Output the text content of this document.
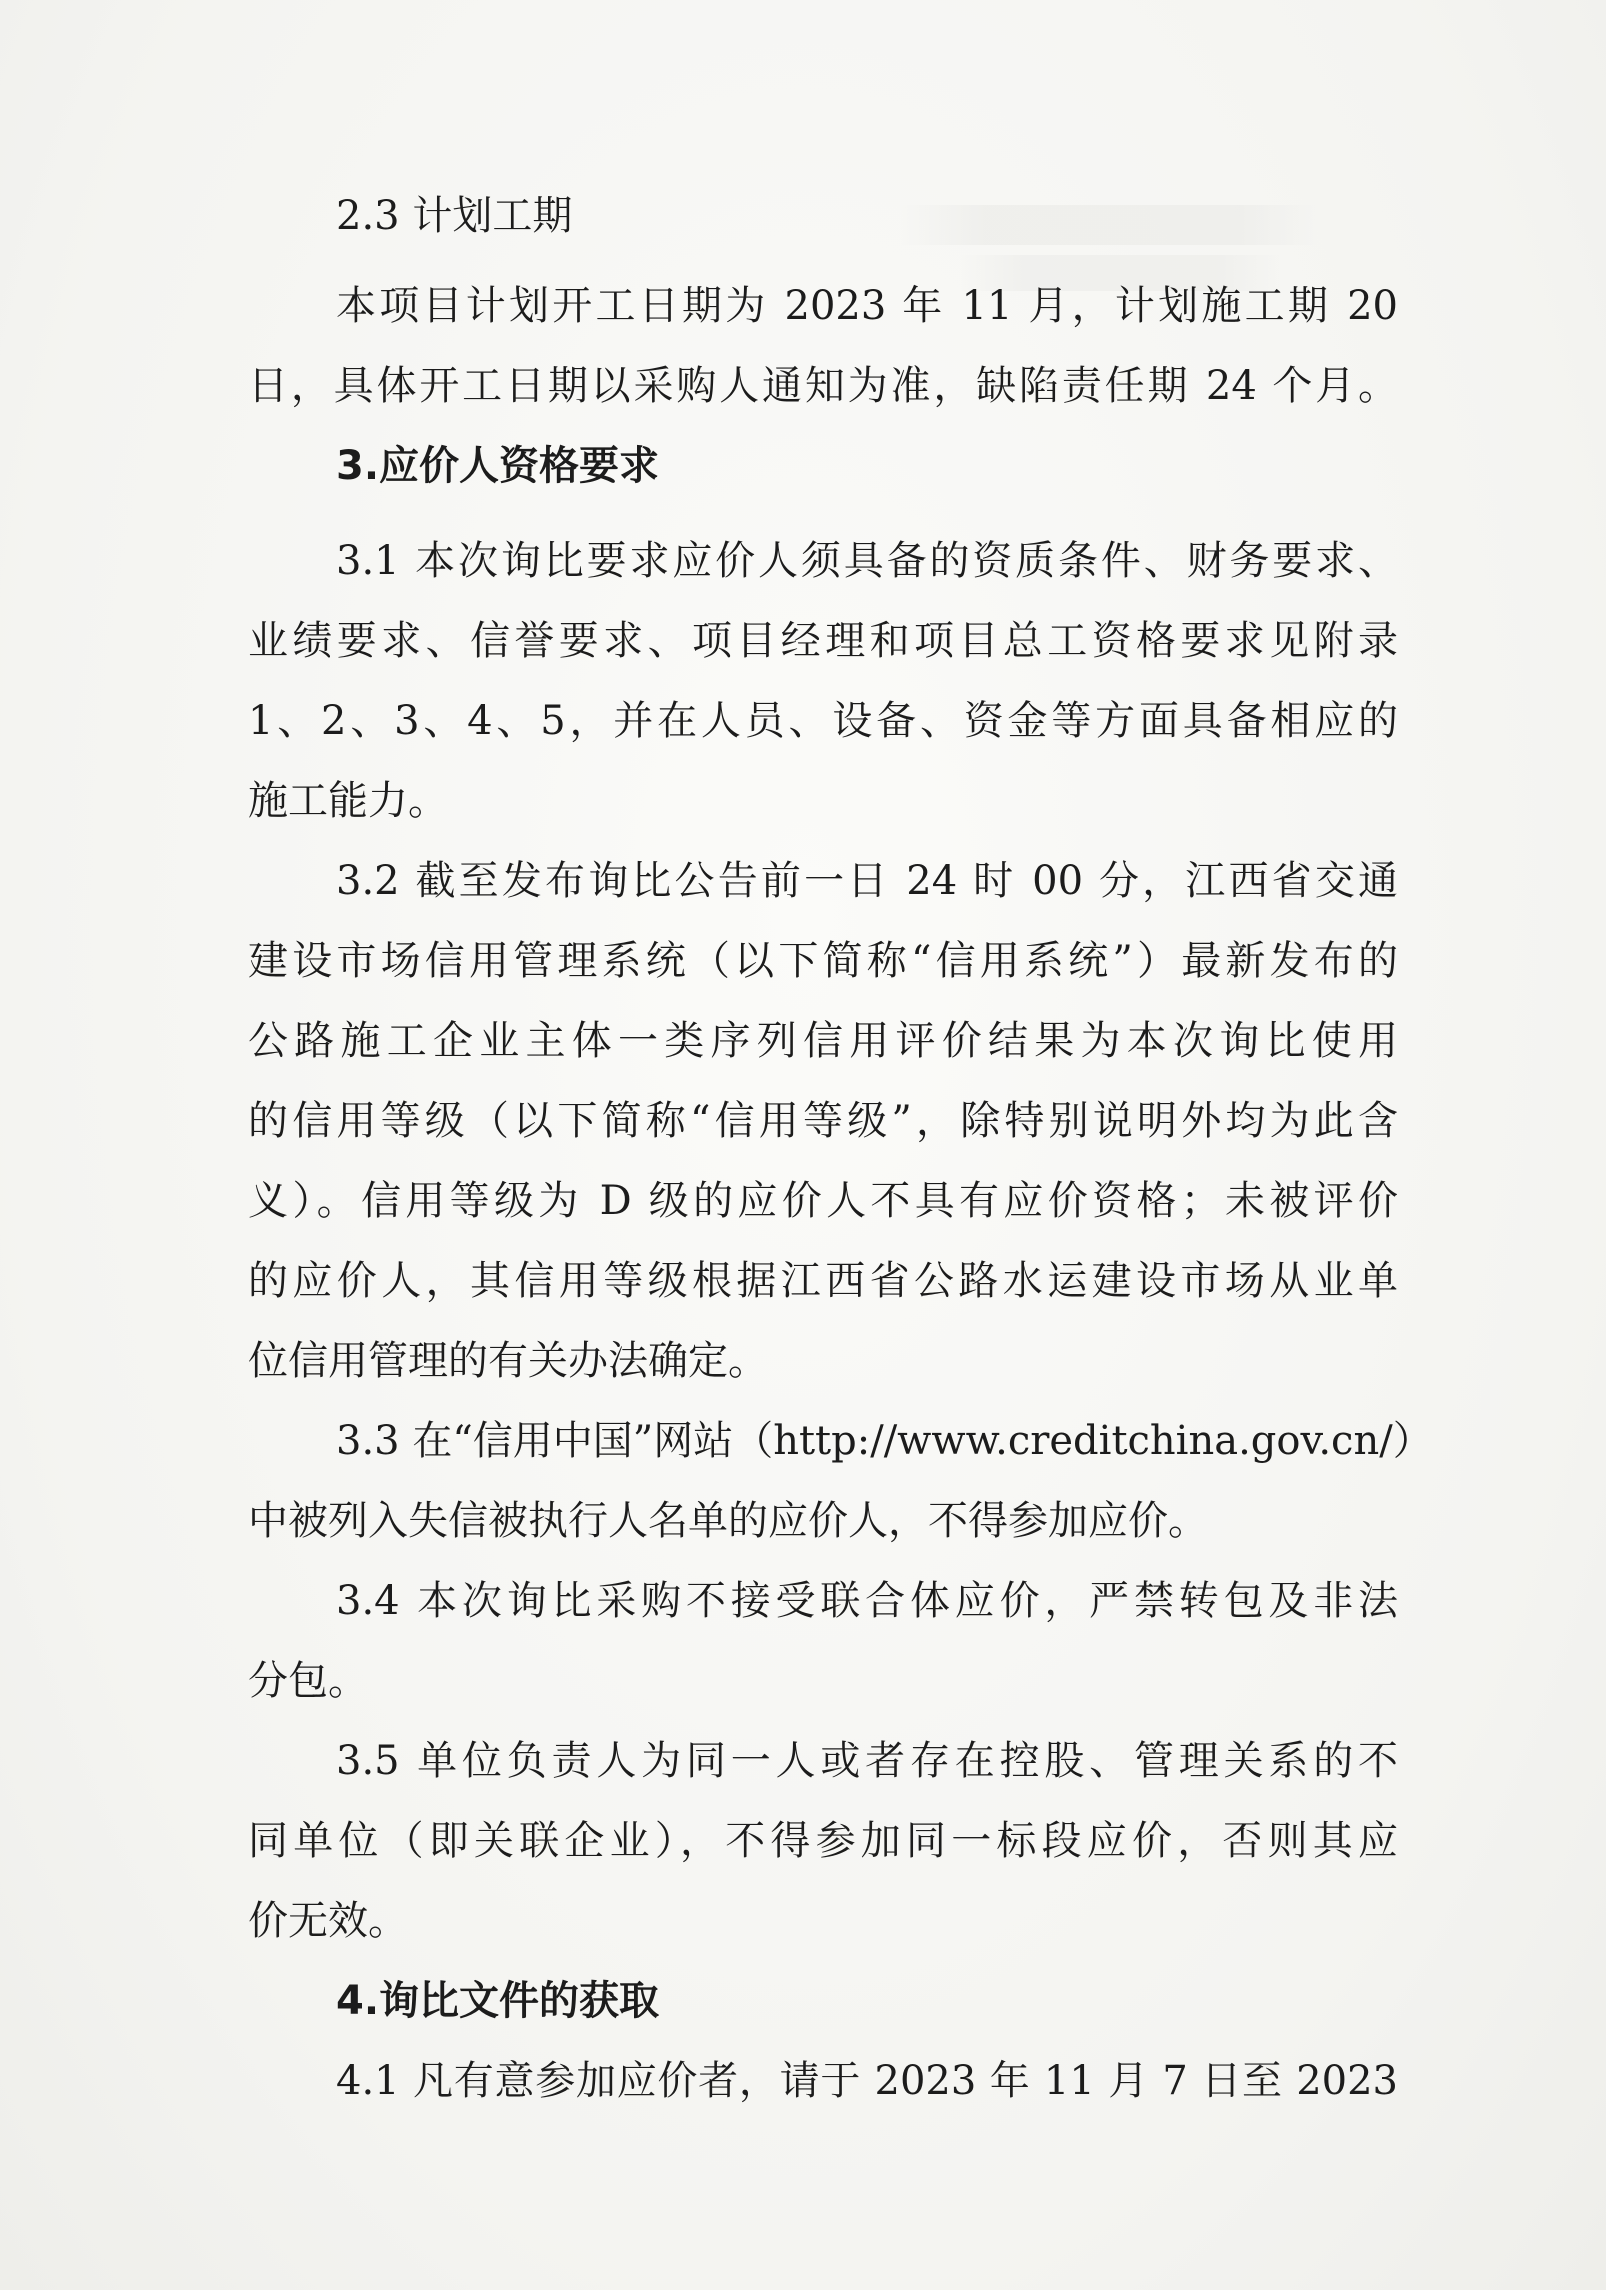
2.3 计划工期
本项目计划开工日期为 2023 年 11 月，计划施工期 20
日，具体开工日期以采购人通知为准，缺陷责任期 24 个月。
3.应价人资格要求
3.1 本次询比要求应价人须具备的资质条件、财务要求、
业绩要求、信誉要求、项目经理和项目总工资格要求见附录
1、2、3、4、5，并在人员、设备、资金等方面具备相应的
施工能力。
3.2 截至发布询比公告前一日 24 时 00 分，江西省交通
建设市场信用管理系统（以下简称“信用系统”）最新发布的
公路施工企业主体一类序列信用评价结果为本次询比使用
的信用等级（以下简称“信用等级”，除特别说明外均为此含
义）。信用等级为 D 级的应价人不具有应价资格；未被评价
的应价人，其信用等级根据江西省公路水运建设市场从业单
位信用管理的有关办法确定。
3.3 在“信用中国”网站（http://www.creditchina.gov.cn/）
中被列入失信被执行人名单的应价人，不得参加应价。
3.4 本次询比采购不接受联合体应价，严禁转包及非法
分包。
3.5 单位负责人为同一人或者存在控股、管理关系的不
同单位（即关联企业），不得参加同一标段应价，否则其应
价无效。
4.询比文件的获取
4.1 凡有意参加应价者，请于 2023 年 11 月 7 日至 2023
